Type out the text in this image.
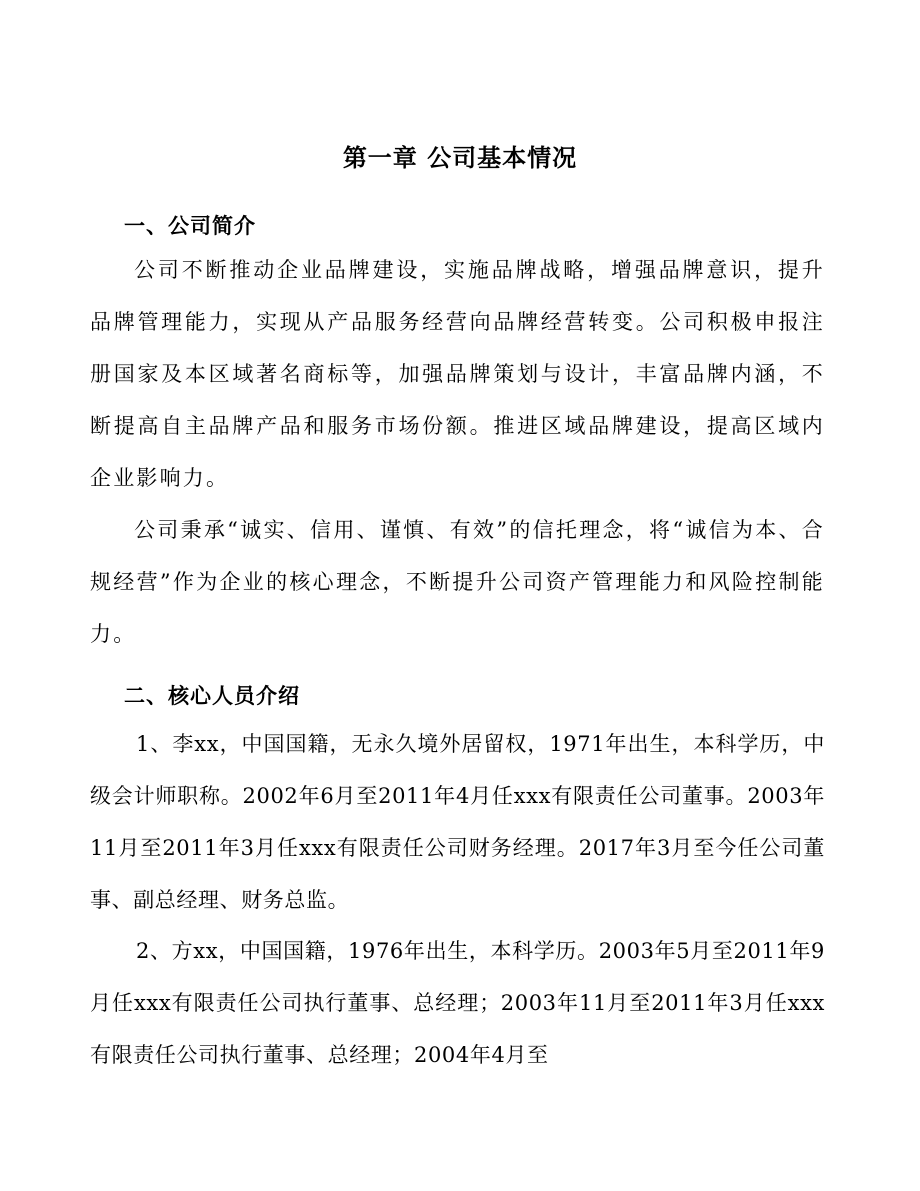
第一章 公司基本情况
一、公司简介

公司不断推动企业品牌建设，实施品牌战略，增强品牌意识，提升品牌管理能力，实现从产品服务经营向品牌经营转变。公司积极申报注册国家及本区域著名商标等，加强品牌策划与设计，丰富品牌内涵，不断提高自主品牌产品和服务市场份额。推进区域品牌建设，提高区域内企业影响力。

公司秉承“诚实、信用、谨慎、有效”的信托理念，将“诚信为本、合规经营”作为企业的核心理念，不断提升公司资产管理能力和风险控制能力。

二、核心人员介绍

1、李xx，中国国籍，无永久境外居留权，1971年出生，本科学历，中级会计师职称。2002年6月至2011年4月任xxx有限责任公司董事。2003年11月至2011年3月任xxx有限责任公司财务经理。2017年3月至今任公司董事、副总经理、财务总监。

2、方xx，中国国籍，1976年出生，本科学历。2003年5月至2011年9月任xxx有限责任公司执行董事、总经理；2003年11月至2011年3月任xxx有限责任公司执行董事、总经理；2004年4月至
